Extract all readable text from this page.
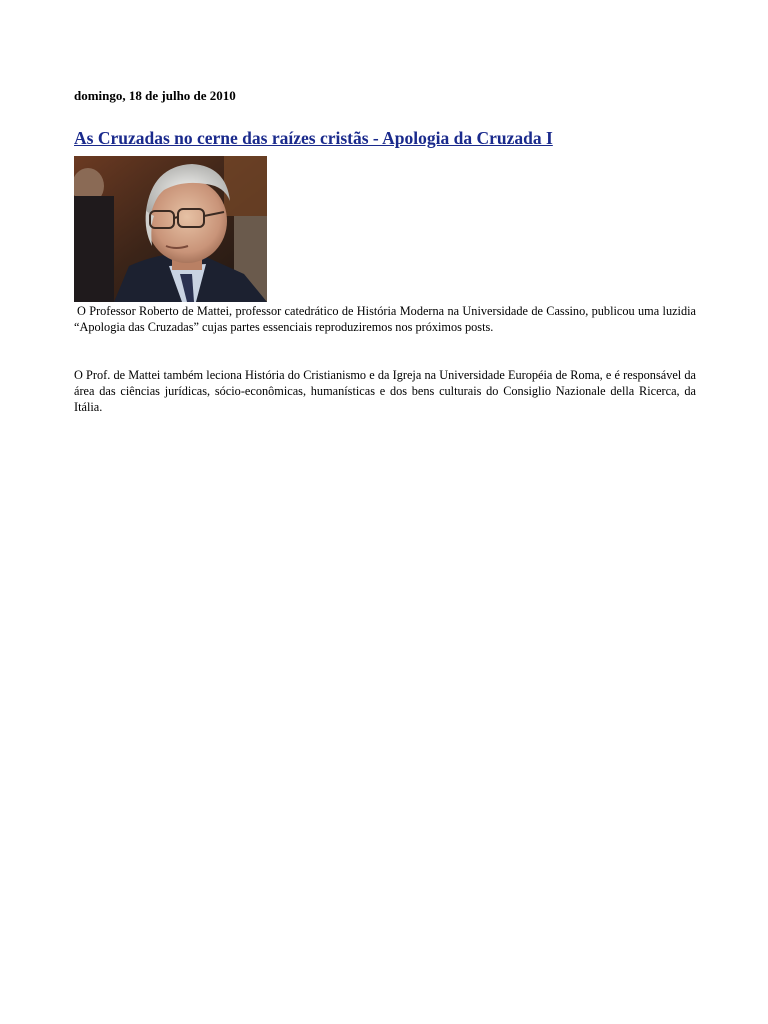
domingo, 18 de julho de 2010
As Cruzadas no cerne das raízes cristãs - Apologia da Cruzada I

O Professor Roberto de Mattei, professor catedrático de História Moderna na Universidade de Cassino, publicou uma luzidia “Apologia das Cruzadas” cujas partes essenciais reproduziremos nos próximos posts.

O Prof. de Mattei também leciona História do Cristianismo e da Igreja na Universidade Européia de Roma, e é responsável da área das ciências jurídicas, sócio-econômicas, humanísticas e dos bens culturais do Consiglio Nazionale della Ricerca, da Itália.
